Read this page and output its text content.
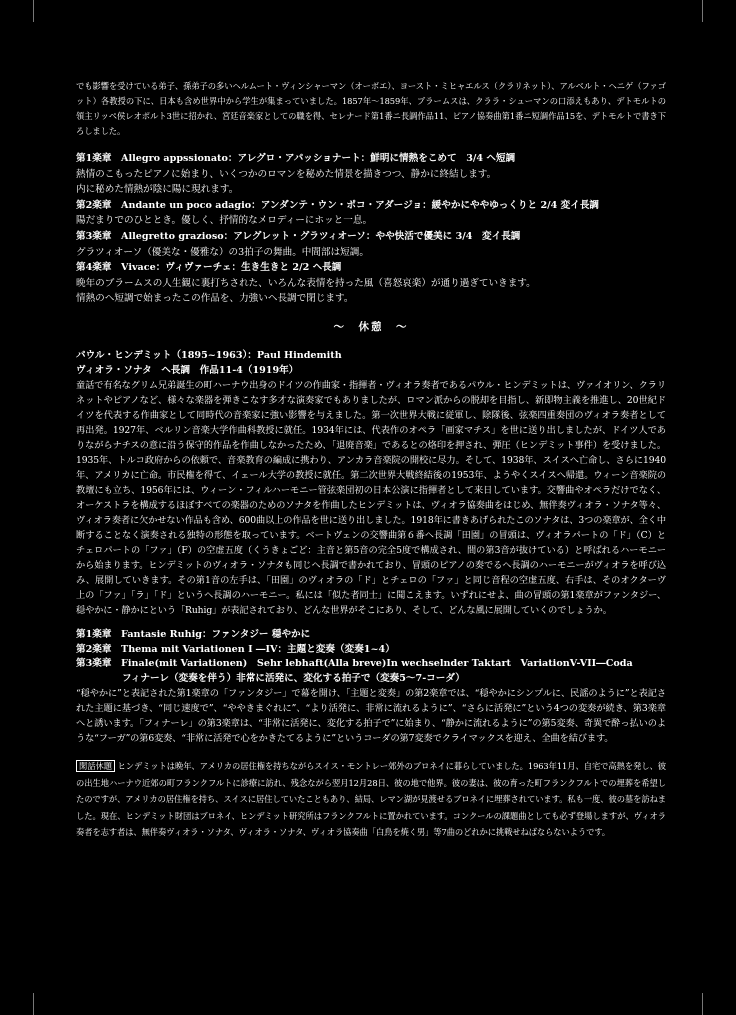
でも影響を受けている弟子、孫弟子の多いヘルムート・ヴィンシャーマン（オーボエ）、ヨースト・ミヒャエルス（クラリネット）、アルベルト・ヘニゲ（ファゴット）各教授の下に、日本も含め世界中から学生が集まっていました。1857年～1859年、ブラームスは、クララ・シューマンの口添えもあり、デトモルトの領主リッペ侯レオポルト3世に招かれ、宮廷音楽家としての職を得、セレナード第1番ニ長調作品11、ピアノ協奏曲第1番ニ短調作品15を、デトモルトで書き下ろしました。

第1楽章　Allegro appssionato：アレグロ・アパッショナート：鮮明に情熱をこめて　3/4 ヘ短調

熱情のこもったピアノに始まり、いくつかのロマンを秘めた情景を描きつつ、静かに終結します。

内に秘めた情熱が陰に陽に現れます。

第2楽章　Andante un poco adagio：アンダンテ・ウン・ポコ・アダージョ：緩やかにややゆっくりと 2/4 変イ長調

陽だまりでのひととき。優しく、抒情的なメロディーにホッと一息。

第3楽章　Allegretto grazioso：アレグレット・グラツィオーソ：やや快活で優美に 3/4　変イ長調

グラツィオーソ（優美な・優雅な）の3拍子の舞曲。中間部は短調。

第4楽章　Vivace：ヴィヴァーチェ：生き生きと 2/2 ヘ長調

晩年のブラームスの人生観に裏打ちされた、いろんな表情を持った風（喜怒哀楽）が通り過ぎていきます。

情熱のヘ短調で始まったこの作品を、力強いヘ長調で閉じます。

～　休憩　～

パウル・ヒンデミット（1895~1963）：Paul Hindemith

ヴィオラ・ソナタ　ヘ長調　作品11-4（1919年）

童話で有名なグリム兄弟誕生の町ハーナウ出身のドイツの作曲家・指揮者・ヴィオラ奏者であるパウル・ヒンデミットは、ヴァイオリン、クラリネットやピアノなど、様々な楽器を弾きこなす多才な演奏家でもありましたが、ロマン派からの脱却を目指し、新即物主義を推進し、20世紀ドイツを代表する作曲家として同時代の音楽家に強い影響を与えました。第一次世界大戦に従軍し、除隊後、弦楽四重奏団のヴィオラ奏者として再出発。1927年、ベルリン音楽大学作曲科教授に就任。1934年には、代表作のオペラ「画家マチス」を世に送り出しましたが、ドイツ人でありながらナチスの意に沿う保守的作品を作曲しなかったため、「退廃音楽」であるとの烙印を押され、弾圧（ヒンデミット事件）を受けました。1935年、トルコ政府からの依頼で、音楽教育の編成に携わり、アンカラ音楽院の開校に尽力。そして、1938年、スイスへ亡命し、さらに1940年、アメリカに亡命。市民権を得て、イェール大学の教授に就任。第二次世界大戦終結後の1953年、ようやくスイスへ帰還。ウィーン音楽院の教壇にも立ち、1956年には、ウィーン・フィルハーモニー管弦楽団初の日本公演に指揮者として来日しています。交響曲やオペラだけでなく、オーケストラを構成するほぼすべての楽器のためのソナタを作曲したヒンデミットは、ヴィオラ協奏曲をはじめ、無伴奏ヴィオラ・ソナタ等々、ヴィオラ奏者に欠かせない作品も含め、600曲以上の作品を世に送り出しました。1918年に書きあげられたこのソナタは、3つの楽章が、全く中断することなく演奏される独特の形態を取っています。ベートヴェンの交響曲第６番ヘ長調「田園」の冒頭は、ヴィオラパートの「ド」（C）とチェロパートの「ファ」（F）の空虚五度（くうきょごど：主音と第5音の完全5度で構成され、間の第3音が抜けている）と呼ばれるハーモニーから始まります。ヒンデミットのヴィオラ・ソナタも同じヘ長調で書かれており、冒頭のピアノの奏でるヘ長調のハーモニーがヴィオラを呼び込み、展開していきます。その第1音の左手は、「田園」のヴィオラの「ド」とチェロの「ファ」と同じ音程の空虚五度、右手は、そのオクターヴ上の「ファ」「ラ」「ド」というヘ長調のハーモニー。私には「似た者同士」に聞こえます。いずれにせよ、曲の冒頭の第1楽章がファンタジー、穏やかに・静かにという「Ruhig」が表記されており、どんな世界がそこにあり、そして、どんな風に展開していくのでしょうか。

第1楽章　Fantasie Ruhig：ファンタジー 穏やかに

第2楽章　Thema mit Variationen I ―IV：主題と変奏（変奏1~4）

第3楽章　Finale(mit Variationen)　Sehr lebhaft(Alla breve)In wechselnder Taktart　VariationV-VII―Coda

フィナーレ（変奏を伴う）非常に活発に、変化する拍子で（変奏5～7-コーダ）

“穏やかに”と表記された第1楽章の「ファンタジー」で幕を開け、「主題と変奏」の第2楽章では、“穏やかにシンプルに、民謡のように”と表記された主題に基づき、“同じ速度で”、“ややきまぐれに”、“より活発に、非常に流れるように”、“さらに活発に”という4つの変奏が続き、第3楽章へと誘います。「フィナーレ」の第3楽章は、“非常に活発に、変化する拍子で”に始まり、“静かに流れるように”の第5変奏、奇異で酔っ払いのような“フーガ”の第6変奏、“非常に活発で心をかきたてるように”というコーダの第7変奏でクライマックスを迎え、全曲を結びます。

閑話休題 ヒンデミットは晩年、アメリカの居住権を持ちながらスイス・モントレー郊外のブロネイに暮らしていました。1963年11月、自宅で高熱を発し、彼の出生地ハーナウ近郊の町フランクフルトに診療に訪れ、残念ながら翌月12月28日、彼の地で他界。彼の妻は、彼の育った町フランクフルトでの埋葬を希望したのですが、アメリカの居住権を持ち、スイスに居住していたこともあり、結局、レマン湖が見渡せるブロネイに埋葬されています。私も一度、彼の墓を訪ねました。現在、ヒンデミット財団はブロネイ、ヒンデミット研究所はフランクフルトに置かれています。コンクールの課題曲としても必ず登場しますが、ヴィオラ奏者を志す者は、無伴奏ヴィオラ・ソナタ、ヴィオラ・ソナタ、ヴィオラ協奏曲「白鳥を焼く男」等7曲のどれかに挑戦せねばならないようです。
